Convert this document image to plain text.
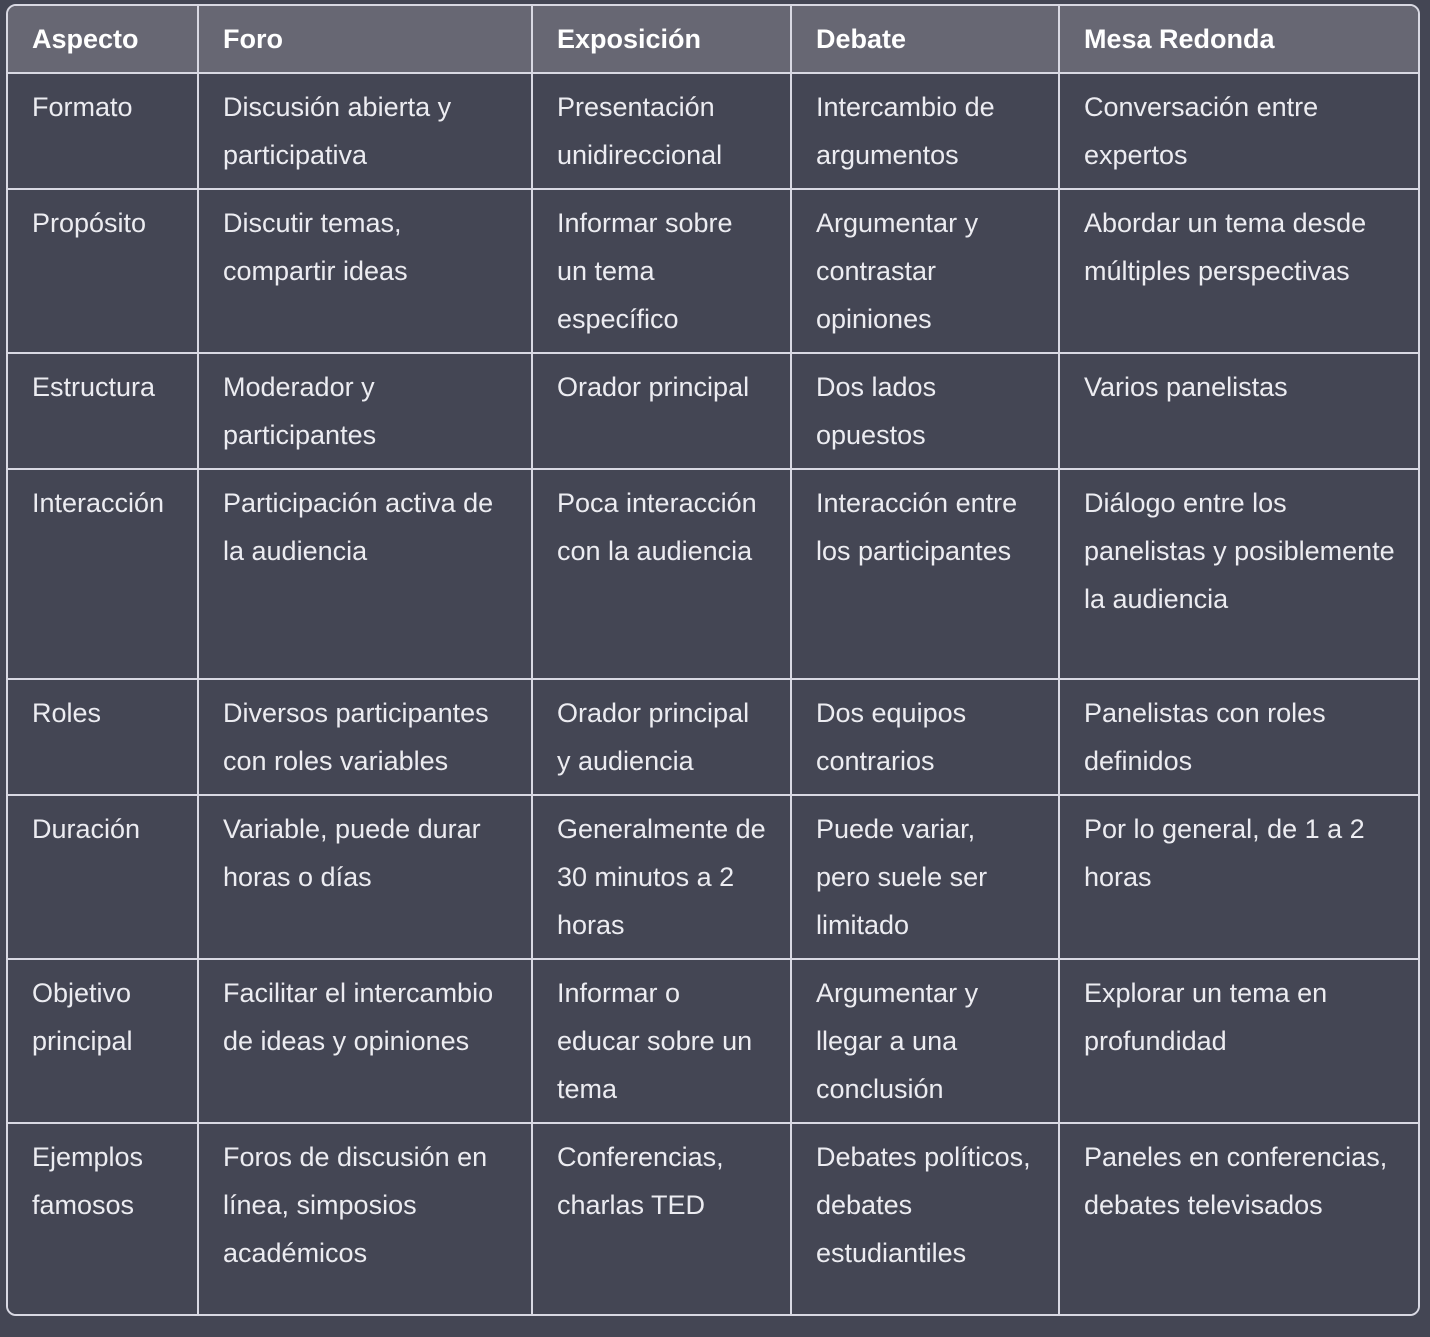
Aspecto	Foro	Exposición	Debate	Mesa Redonda
Formato	Discusión abierta y participativa	Presentación unidireccional	Intercambio de argumentos	Conversación entre expertos
Propósito	Discutir temas, compartir ideas	Informar sobre un tema específico	Argumentar y contrastar opiniones	Abordar un tema desde múltiples perspectivas
Estructura	Moderador y participantes	Orador principal	Dos lados opuestos	Varios panelistas
Interacción	Participación activa de la audiencia	Poca interacción con la audiencia	Interacción entre los participantes	Diálogo entre los panelistas y posiblemente la audiencia
Roles	Diversos participantes con roles variables	Orador principal y audiencia	Dos equipos contrarios	Panelistas con roles definidos
Duración	Variable, puede durar horas o días	Generalmente de 30 minutos a 2 horas	Puede variar, pero suele ser limitado	Por lo general, de 1 a 2 horas
Objetivo principal	Facilitar el intercambio de ideas y opiniones	Informar o educar sobre un tema	Argumentar y llegar a una conclusión	Explorar un tema en profundidad
Ejemplos famosos	Foros de discusión en línea, simposios académicos	Conferencias, charlas TED	Debates políticos, debates estudiantiles	Paneles en conferencias, debates televisados
